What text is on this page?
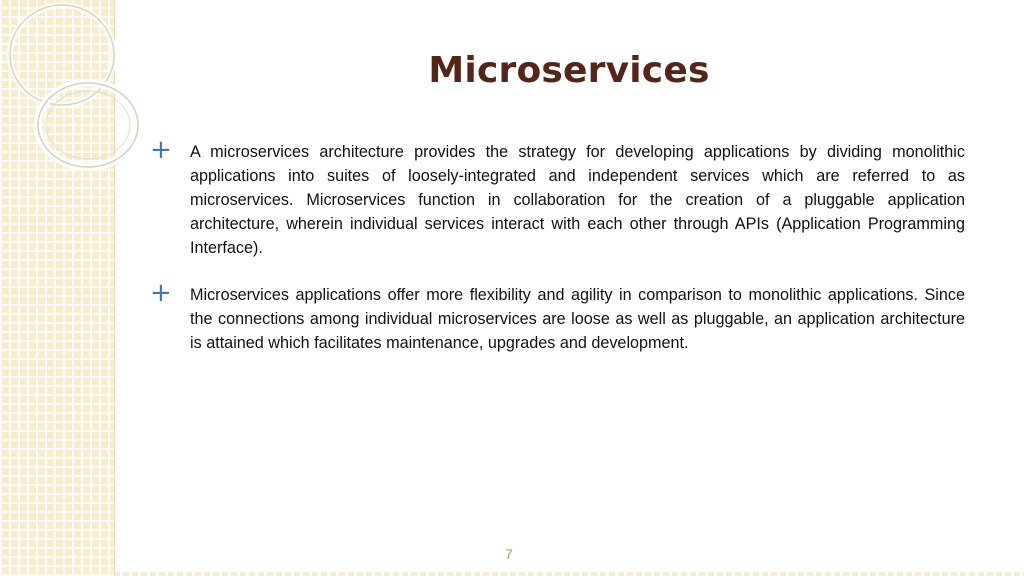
Microservices
+	A microservices architecture provides the strategy for developing applications by dividing monolithic applications into suites of loosely-integrated and independent services which are referred to as microservices. Microservices function in collaboration for the creation of a pluggable application architecture, wherein individual services interact with each other through APIs (Application Programming Interface).
+	Microservices applications offer more flexibility and agility in comparison to monolithic applications. Since the connections among individual microservices are loose as well as pluggable, an application architecture is attained which facilitates maintenance, upgrades and development.
7
